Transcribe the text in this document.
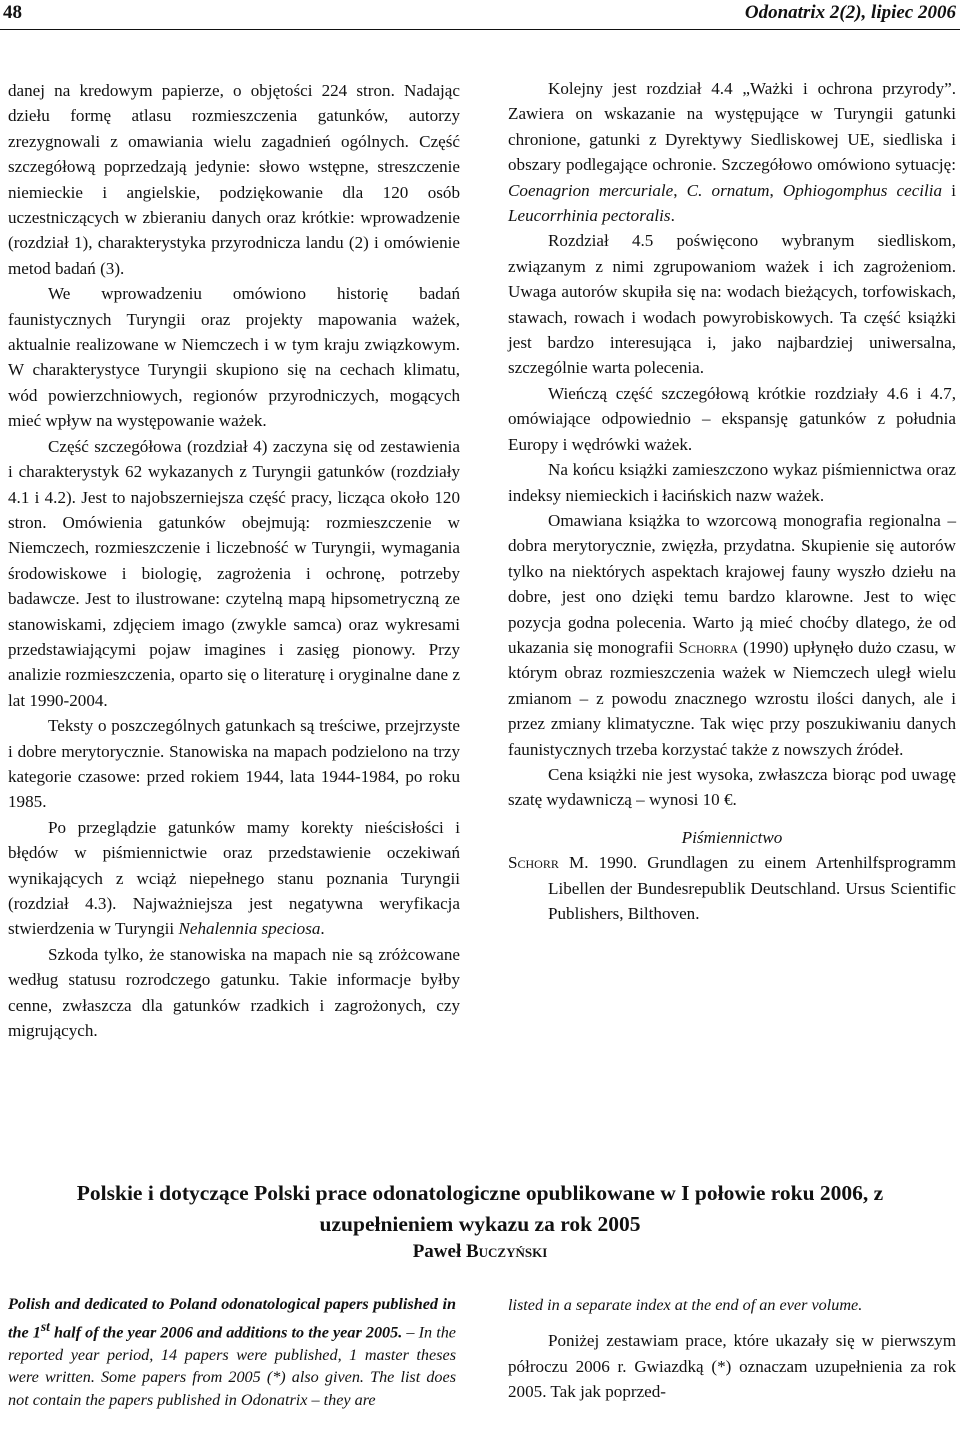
48	Odonatrix 2(2), lipiec 2006

danej na kredowym papierze, o objętości 224 stron. Nadając dziełu formę atlasu rozmieszczenia gatunków, autorzy zrezygnowali z omawiania wielu zagadnień ogólnych. Część szczegółową poprzedzają jedynie: słowo wstępne, streszczenie niemieckie i angielskie, podziękowanie dla 120 osób uczestniczących w zbieraniu danych oraz krótkie: wprowadzenie (rozdział 1), charakterystyka przyrodnicza landu (2) i omówienie metod badań (3).

We wprowadzeniu omówiono historię badań faunistycznych Turyngii oraz projekty mapowania ważek, aktualnie realizowane w Niemczech i w tym kraju związkowym. W charakterystyce Turyngii skupiono się na cechach klimatu, wód powierzchniowych, regionów przyrodniczych, mogących mieć wpływ na występowanie ważek.

Część szczegółowa (rozdział 4) zaczyna się od zestawienia i charakterystyk 62 wykazanych z Turyngii gatunków (rozdziały 4.1 i 4.2). Jest to najobszerniejsza część pracy, licząca około 120 stron. Omówienia gatunków obejmują: rozmieszczenie w Niemczech, rozmieszczenie i liczebność w Turyngii, wymagania środowiskowe i biologię, zagrożenia i ochronę, potrzeby badawcze. Jest to ilustrowane: czytelną mapą hipsometryczną ze stanowiskami, zdjęciem imago (zwykle samca) oraz wykresami przedstawiającymi pojaw imagines i zasięg pionowy. Przy analizie rozmieszczenia, oparto się o literaturę i oryginalne dane z lat 1990-2004.

Teksty o poszczególnych gatunkach są treściwe, przejrzyste i dobre merytorycznie. Stanowiska na mapach podzielono na trzy kategorie czasowe: przed rokiem 1944, lata 1944-1984, po roku 1985.

Po przeglądzie gatunków mamy korekty nieścisłości i błędów w piśmiennictwie oraz przedstawienie oczekiwań wynikających z wciąż niepełnego stanu poznania Turyngii (rozdział 4.3). Najważniejsza jest negatywna weryfikacja stwierdzenia w Turyngii Nehalennia speciosa.

Szkoda tylko, że stanowiska na mapach nie są zróżcowane według statusu rozrodczego gatunku. Takie informacje byłby cenne, zwłaszcza dla gatunków rzadkich i zagrożonych, czy migrujących.

Kolejny jest rozdział 4.4 „Ważki i ochrona przyrody”. Zawiera on wskazanie na występujące w Turyngii gatunki chronione, gatunki z Dyrektywy Siedliskowej UE, siedliska i obszary podlegające ochronie. Szczegółowo omówiono sytuację: Coenagrion mercuriale, C. ornatum, Ophiogomphus cecilia i Leucorrhinia pectoralis.

Rozdział 4.5 poświęcono wybranym siedliskom, związanym z nimi zgrupowaniom ważek i ich zagrożeniom. Uwaga autorów skupiła się na: wodach bieżących, torfowiskach, stawach, rowach i wodach powyrobiskowych. Ta część książki jest bardzo interesująca i, jako najbardziej uniwersalna, szczególnie warta polecenia.

Wieńczą część szczegółową krótkie rozdziały 4.6 i 4.7, omówiające odpowiednio – ekspansję gatunków z południa Europy i wędrówki ważek.

Na końcu książki zamieszczono wykaz piśmiennictwa oraz indeksy niemieckich i łacińskich nazw ważek.

Omawiana książka to wzorcową monografia regionalna – dobra merytorycznie, zwięzła, przydatna. Skupienie się autorów tylko na niektórych aspektach krajowej fauny wyszło dziełu na dobre, jest ono dzięki temu bardzo klarowne. Jest to więc pozycja godna polecenia. Warto ją mieć choćby dlatego, że od ukazania się monografii Schorra (1990) upłynęło dużo czasu, w którym obraz rozmieszczenia ważek w Niemczech uległ wielu zmianom – z powodu znacznego wzrostu ilości danych, ale i przez zmiany klimatyczne. Tak więc przy poszukiwaniu danych faunistycznych trzeba korzystać także z nowszych źródeł.

Cena książki nie jest wysoka, zwłaszcza biorąc pod uwagę szatę wydawniczą – wynosi 10 €.

Piśmiennictwo

Schorr M. 1990. Grundlagen zu einem Artenhilfsprogramm Libellen der Bundesrepublik Deutschland. Ursus Scientific Publishers, Bilthoven.

Polskie i dotyczące Polski prace odonatologiczne opublikowane w I połowie roku 2006, z uzupełnieniem wykazu za rok 2005
Paweł Buczyński
Polish and dedicated to Poland odonatological papers published in the 1st half of the year 2006 and additions to the year 2005. – In the reported year period, 14 papers were published, 1 master theses were written. Some papers from 2005 (*) also given. The list does not contain the papers published in Odonatrix – they are

listed in a separate index at the end of an ever volume.

Poniżej zestawiam prace, które ukazały się w pierwszym półroczu 2006 r. Gwiazdką (*) oznaczam uzupełnienia za rok 2005. Tak jak poprzed-
